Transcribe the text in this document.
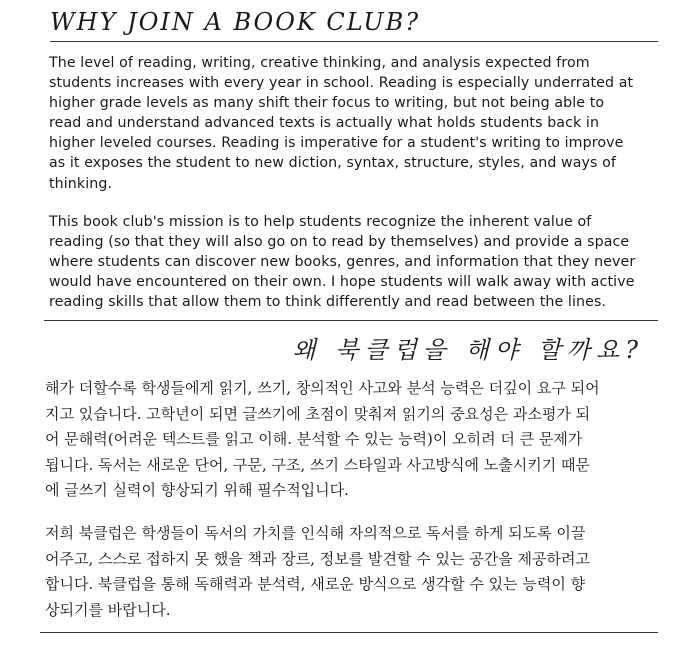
WHY JOIN A BOOK CLUB?

The level of reading, writing, creative thinking, and analysis expected from
students increases with every year in school. Reading is especially underrated at
higher grade levels as many shift their focus to writing, but not being able to
read and understand advanced texts is actually what holds students back in
higher leveled courses. Reading is imperative for a student's writing to improve
as it exposes the student to new diction, syntax, structure, styles, and ways of
thinking.

This book club's mission is to help students recognize the inherent value of
reading (so that they will also go on to read by themselves) and provide a space
where students can discover new books, genres, and information that they never
would have encountered on their own. I hope students will walk away with active
reading skills that allow them to think differently and read between the lines.

왜 북클럽을 해야 할까요?

해가 더할수록 학생들에게 읽기, 쓰기, 창의적인 사고와 분석 능력은 더깊이 요구 되어
지고 있습니다. 고학년이 되면 글쓰기에 초점이 맞춰져 읽기의 중요성은 과소평가 되
어 문해력(어려운 텍스트를 읽고 이해. 분석할 수 있는 능력)이 오히려 더 큰 문제가
됩니다. 독서는 새로운 단어, 구문, 구조, 쓰기 스타일과 사고방식에 노출시키기 때문
에 글쓰기 실력이 향상되기 위해 필수적입니다.

저희 북클럽은 학생들이 독서의 가치를 인식해 자의적으로 독서를 하게 되도록 이끌
어주고, 스스로 접하지 못 했을 책과 장르, 정보를 발견할 수 있는 공간을 제공하려고
합니다. 북클럽을 통해 독해력과 분석력, 새로운 방식으로 생각할 수 있는 능력이 향
상되기를 바랍니다.
